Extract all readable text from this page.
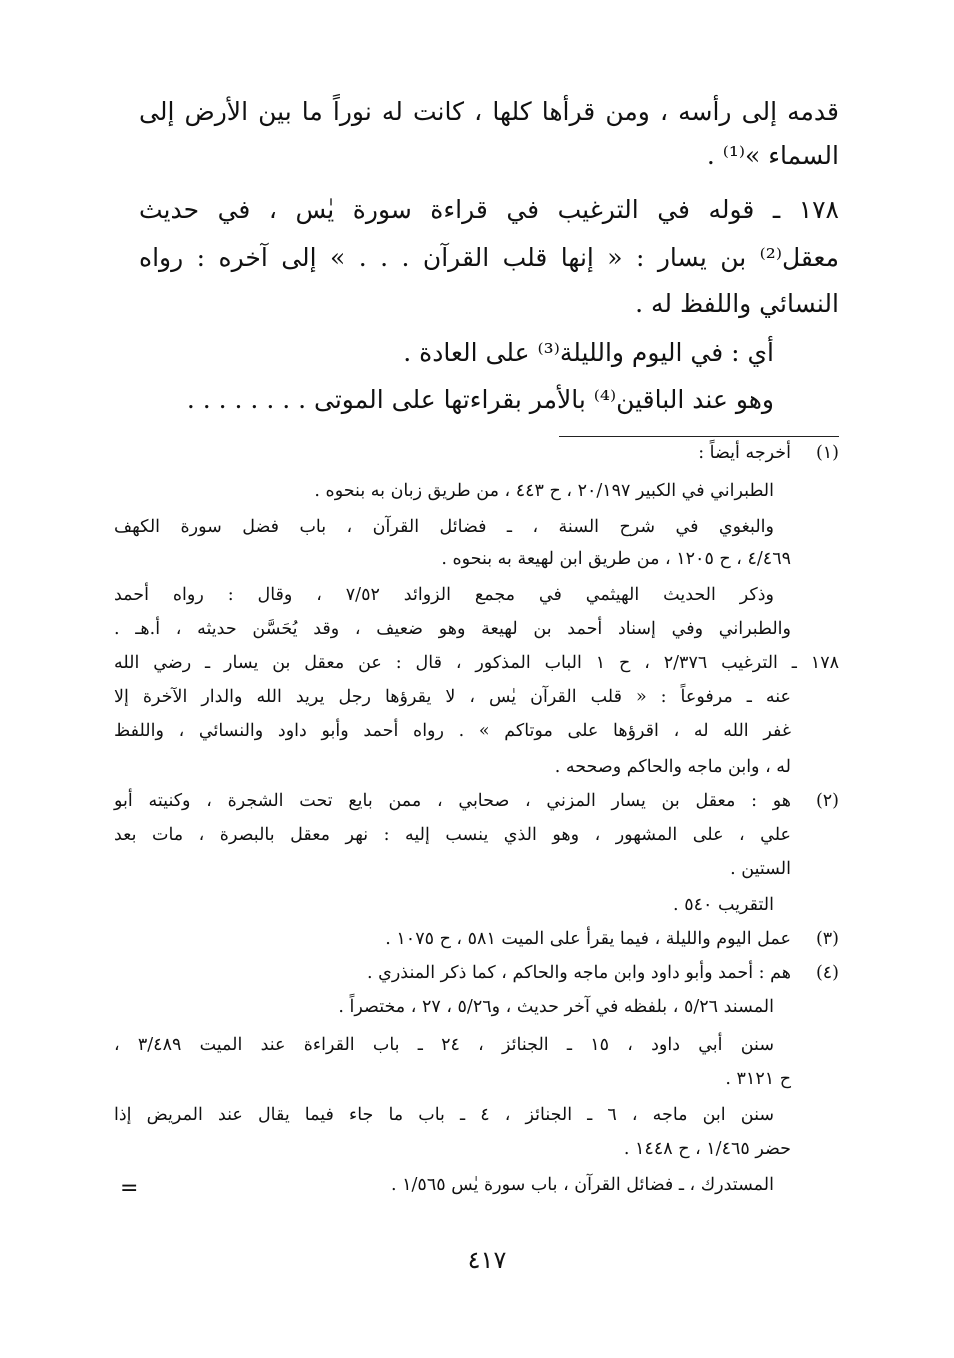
قدمه إلى رأسه ، ومن قرأها كلها ، كانت له نوراً ما بين الأرض إلى
السماء »⁽¹⁾ .
١٧٨ ـ قوله في الترغيب في قراءة سورة يٰس ، في حديث
معقل⁽²⁾ بن يسار : « إنها قلب القرآن . . . » إلى آخره : رواه
النسائي واللفظ له .
أي : في اليوم والليلة⁽³⁾ على العادة .
وهو عند الباقين⁽⁴⁾ بالأمر بقراءتها على الموتى . . . . . . . .
(١)
أخرجه أيضاً :
الطبراني في الكبير ٢٠/١٩٧ ، ح ٤٤٣ ، من طريق زبان به بنحوه .
والبغوي في شرح السنة ، ـ فضائل القرآن ، باب فضل سورة الكهف
٤/٤٦٩ ، ح ١٢٠٥ ، من طريق ابن لهيعة به بنحوه .
وذكر الحديث الهيثمي في مجمع الزوائد ٧/٥٢ ، وقال : رواه أحمد
والطبراني وفي إسناد أحمد بن لهيعة وهو ضعيف ، وقد يُحَسَّن حديثه ، أ.هـ .
١٧٨ ـ الترغيب ٢/٣٧٦ ، ح ١ الباب المذكور ، قال : عن معقل بن يسار ـ رضي الله
عنه ـ مرفوعاً : « قلب القرآن يٰس ، لا يقرؤها رجل يريد الله والدار الآخرة إلا
غفر الله له ، اقرؤها على موتاكم » . رواه أحمد وأبو داود والنسائي ، واللفظ
له ، وابن ماجه والحاكم وصححه .
(٢)
هو : معقل بن يسار المزني ، صحابي ، ممن بايع تحت الشجرة ، وكنيته أبو
علي ، على المشهور ، وهو الذي ينسب إليه : نهر معقل بالبصرة ، مات بعد
الستين .
التقريب ٥٤٠ .
(٣)
عمل اليوم والليلة ، فيما يقرأ على الميت ٥٨١ ، ح ١٠٧٥ .
(٤)
هم : أحمد وأبو داود وابن ماجه والحاكم ، كما ذكر المنذري .
المسند ٥/٢٦ ، بلفظه في آخر حديث ، و٥/٢٦ ، ٢٧ ، مختصراً .
سنن أبي داود ، ١٥ ـ الجنائز ، ٢٤ ـ باب القراءة عند الميت ٣/٤٨٩ ،
ح ٣١٢١ .
سنن ابن ماجه ، ٦ ـ الجنائز ، ٤ ـ باب ما جاء فيما يقال عند المريض إذا
حضر ١/٤٦٥ ، ح ١٤٤٨ .
المستدرك ، ـ فضائل القرآن ، باب سورة يٰس ١/٥٦٥ .
=
٤١٧
